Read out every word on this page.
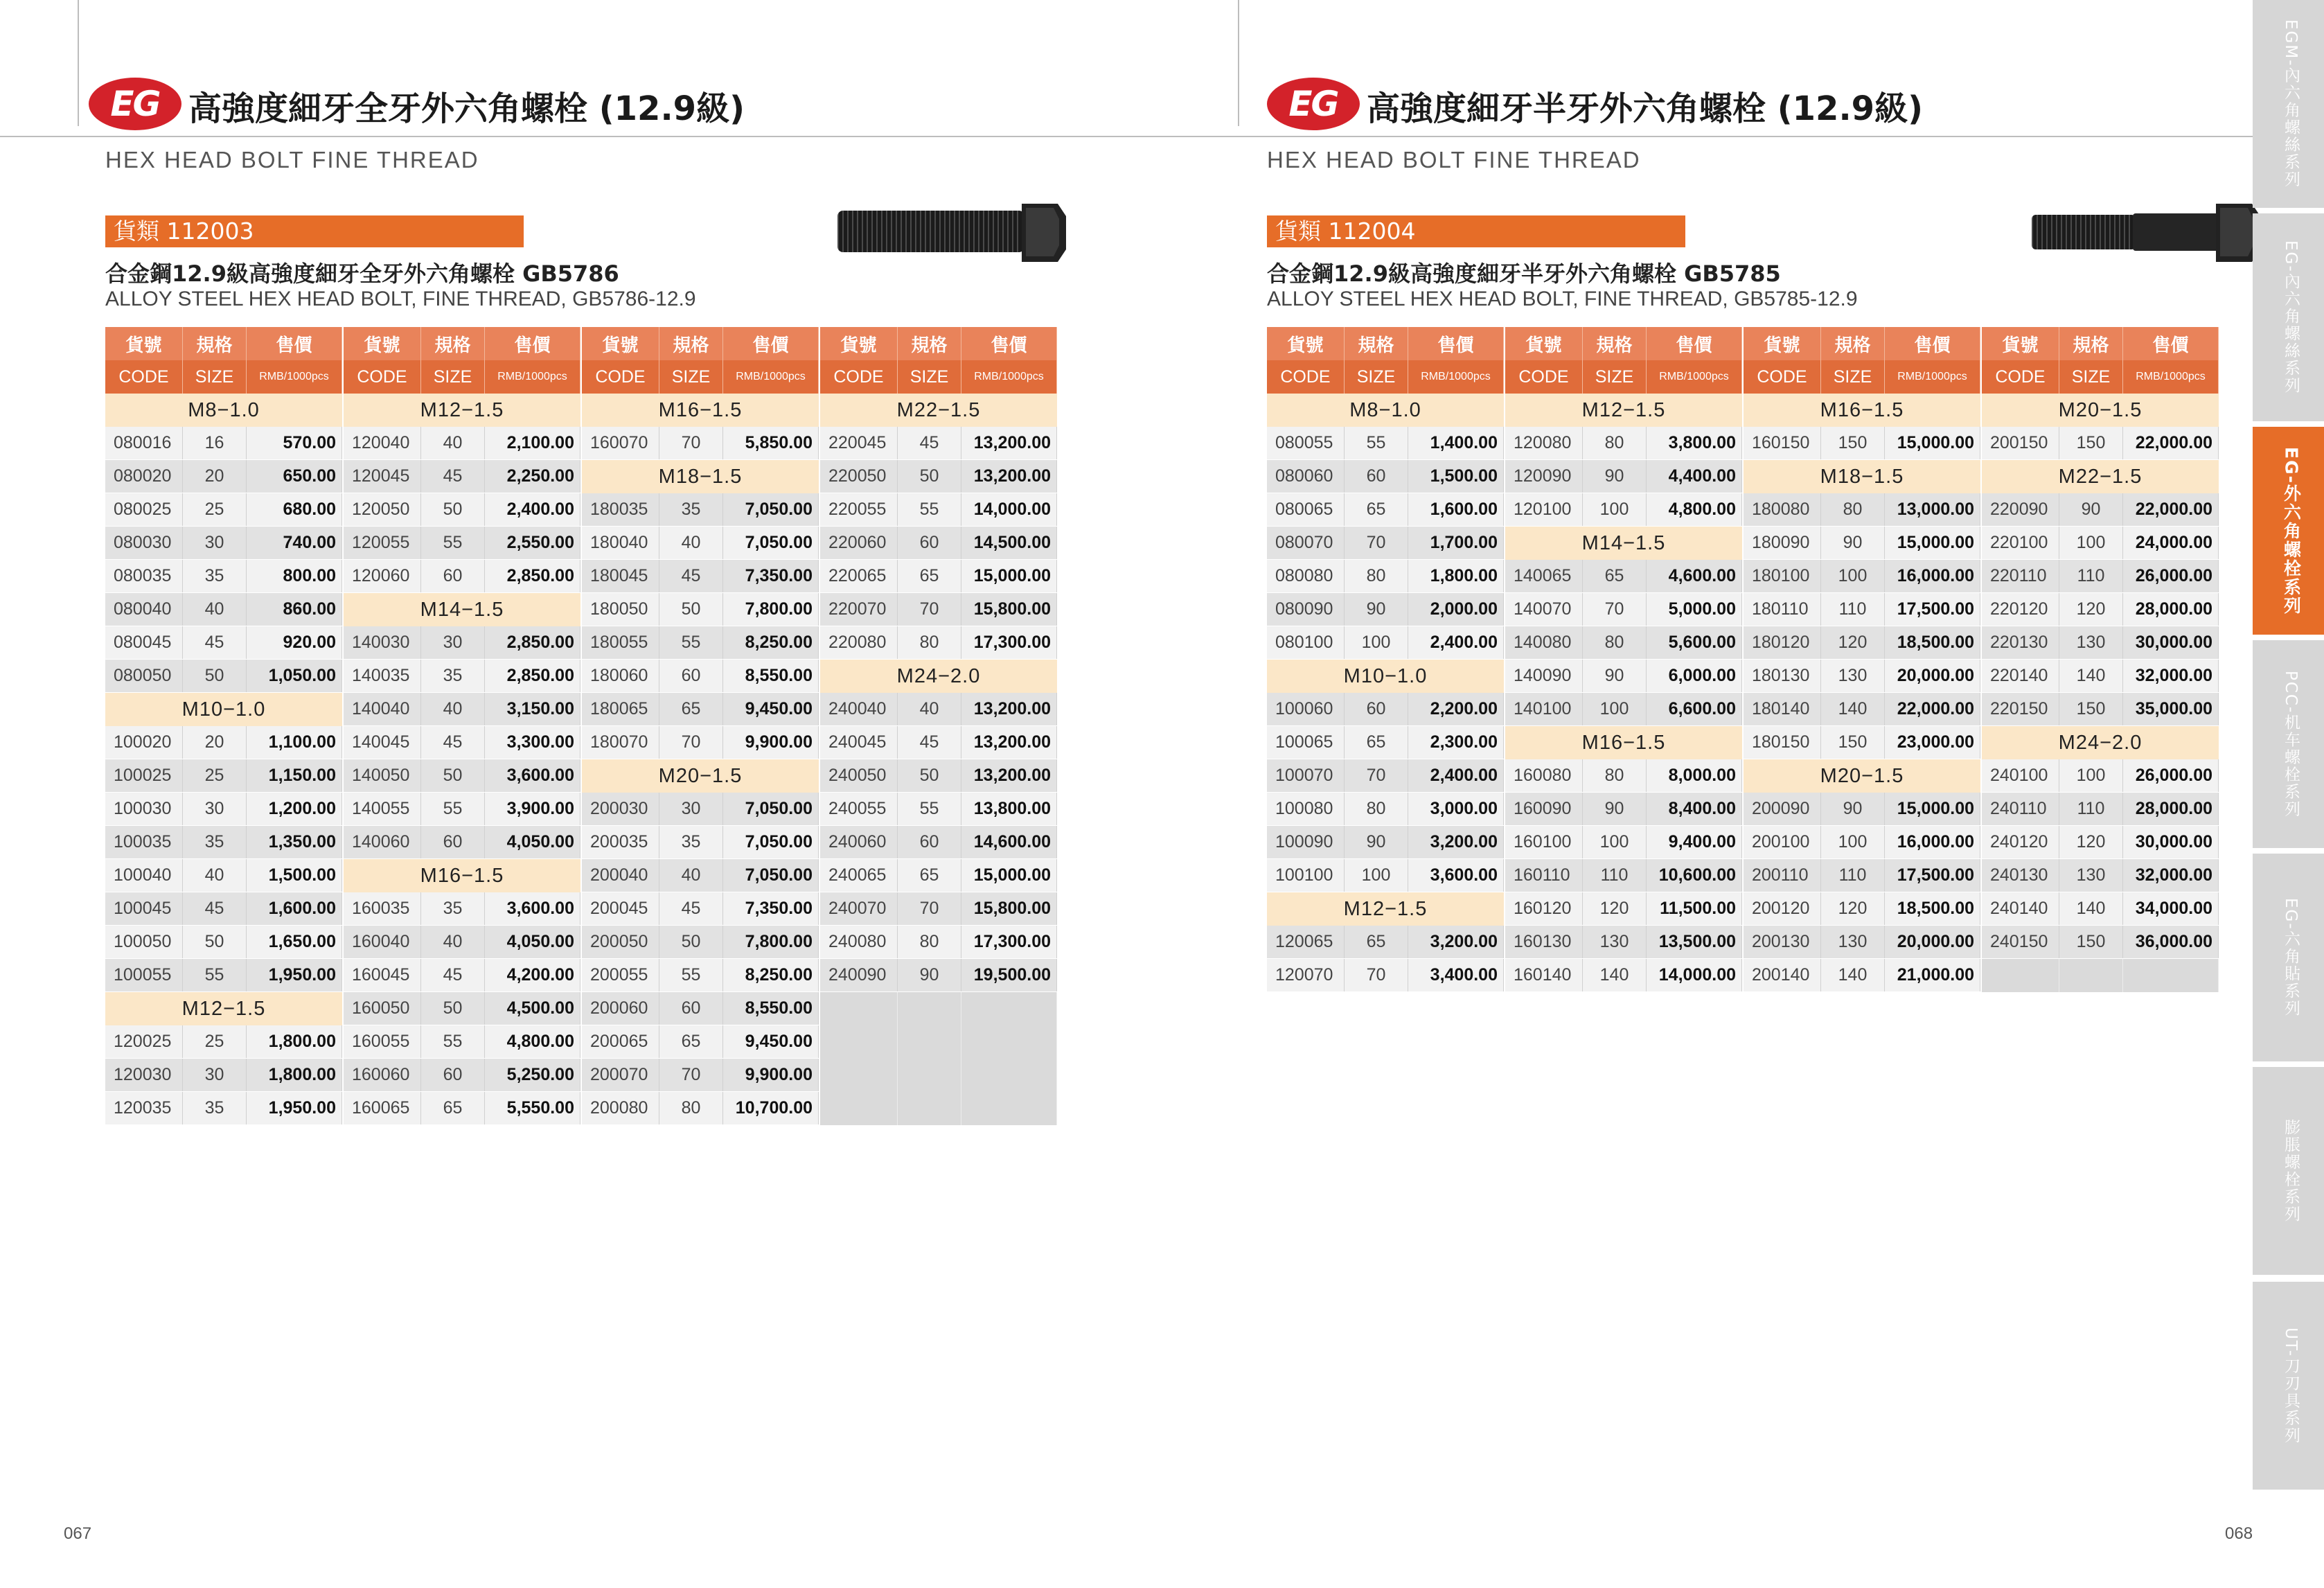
EG 高強度細牙全牙外六角螺栓 (12.9級)
HEX HEAD BOLT FINE THREAD
貨類 112003
合金鋼12.9級高強度細牙全牙外六角螺栓 GB5786
ALLOY STEEL HEX HEAD BOLT, FINE THREAD, GB5786-12.9
貨號	規格	售價
CODE	SIZE	RMB/1000pcs
M8−1.0
080016	16	570.00
080020	20	650.00
080025	25	680.00
080030	30	740.00
080035	35	800.00
080040	40	860.00
080045	45	920.00
080050	50	1,050.00
M10−1.0
100020	20	1,100.00
100025	25	1,150.00
100030	30	1,200.00
100035	35	1,350.00
100040	40	1,500.00
100045	45	1,600.00
100050	50	1,650.00
100055	55	1,950.00
M12−1.5
120025	25	1,800.00
120030	30	1,800.00
120035	35	1,950.00
貨號	規格	售價
CODE	SIZE	RMB/1000pcs
M12−1.5
120040	40	2,100.00
120045	45	2,250.00
120050	50	2,400.00
120055	55	2,550.00
120060	60	2,850.00
M14−1.5
140030	30	2,850.00
140035	35	2,850.00
140040	40	3,150.00
140045	45	3,300.00
140050	50	3,600.00
140055	55	3,900.00
140060	60	4,050.00
M16−1.5
160035	35	3,600.00
160040	40	4,050.00
160045	45	4,200.00
160050	50	4,500.00
160055	55	4,800.00
160060	60	5,250.00
160065	65	5,550.00
貨號	規格	售價
CODE	SIZE	RMB/1000pcs
M16−1.5
160070	70	5,850.00
M18−1.5
180035	35	7,050.00
180040	40	7,050.00
180045	45	7,350.00
180050	50	7,800.00
180055	55	8,250.00
180060	60	8,550.00
180065	65	9,450.00
180070	70	9,900.00
M20−1.5
200030	30	7,050.00
200035	35	7,050.00
200040	40	7,050.00
200045	45	7,350.00
200050	50	7,800.00
200055	55	8,250.00
200060	60	8,550.00
200065	65	9,450.00
200070	70	9,900.00
200080	80	10,700.00
貨號	規格	售價
CODE	SIZE	RMB/1000pcs
M22−1.5
220045	45	13,200.00
220050	50	13,200.00
220055	55	14,000.00
220060	60	14,500.00
220065	65	15,000.00
220070	70	15,800.00
220080	80	17,300.00
M24−2.0
240040	40	13,200.00
240045	45	13,200.00
240050	50	13,200.00
240055	55	13,800.00
240060	60	14,600.00
240065	65	15,000.00
240070	70	15,800.00
240080	80	17,300.00
240090	90	19,500.00
067
EG 高強度細牙半牙外六角螺栓 (12.9級)
HEX HEAD BOLT FINE THREAD
貨類 112004
合金鋼12.9級高強度細牙半牙外六角螺栓 GB5785
ALLOY STEEL HEX HEAD BOLT, FINE THREAD, GB5785-12.9
貨號	規格	售價
CODE	SIZE	RMB/1000pcs
M8−1.0
080055	55	1,400.00
080060	60	1,500.00
080065	65	1,600.00
080070	70	1,700.00
080080	80	1,800.00
080090	90	2,000.00
080100	100	2,400.00
M10−1.0
100060	60	2,200.00
100065	65	2,300.00
100070	70	2,400.00
100080	80	3,000.00
100090	90	3,200.00
100100	100	3,600.00
M12−1.5
120065	65	3,200.00
120070	70	3,400.00
貨號	規格	售價
CODE	SIZE	RMB/1000pcs
M12−1.5
120080	80	3,800.00
120090	90	4,400.00
120100	100	4,800.00
M14−1.5
140065	65	4,600.00
140070	70	5,000.00
140080	80	5,600.00
140090	90	6,000.00
140100	100	6,600.00
M16−1.5
160080	80	8,000.00
160090	90	8,400.00
160100	100	9,400.00
160110	110	10,600.00
160120	120	11,500.00
160130	130	13,500.00
160140	140	14,000.00
貨號	規格	售價
CODE	SIZE	RMB/1000pcs
M16−1.5
160150	150	15,000.00
M18−1.5
180080	80	13,000.00
180090	90	15,000.00
180100	100	16,000.00
180110	110	17,500.00
180120	120	18,500.00
180130	130	20,000.00
180140	140	22,000.00
180150	150	23,000.00
M20−1.5
200090	90	15,000.00
200100	100	16,000.00
200110	110	17,500.00
200120	120	18,500.00
200130	130	20,000.00
200140	140	21,000.00
貨號	規格	售價
CODE	SIZE	RMB/1000pcs
M20−1.5
200150	150	22,000.00
M22−1.5
220090	90	22,000.00
220100	100	24,000.00
220110	110	26,000.00
220120	120	28,000.00
220130	130	30,000.00
220140	140	32,000.00
220150	150	35,000.00
M24−2.0
240100	100	26,000.00
240110	110	28,000.00
240120	120	30,000.00
240130	130	32,000.00
240140	140	34,000.00
240150	150	36,000.00
068
EGM-內六角螺絲系列
EG-內六角螺絲系列
EG-外六角螺栓系列
PCC-机车螺栓系列
EG-六角貼系列
膨脹螺栓系列
UT-刀刃具系列
